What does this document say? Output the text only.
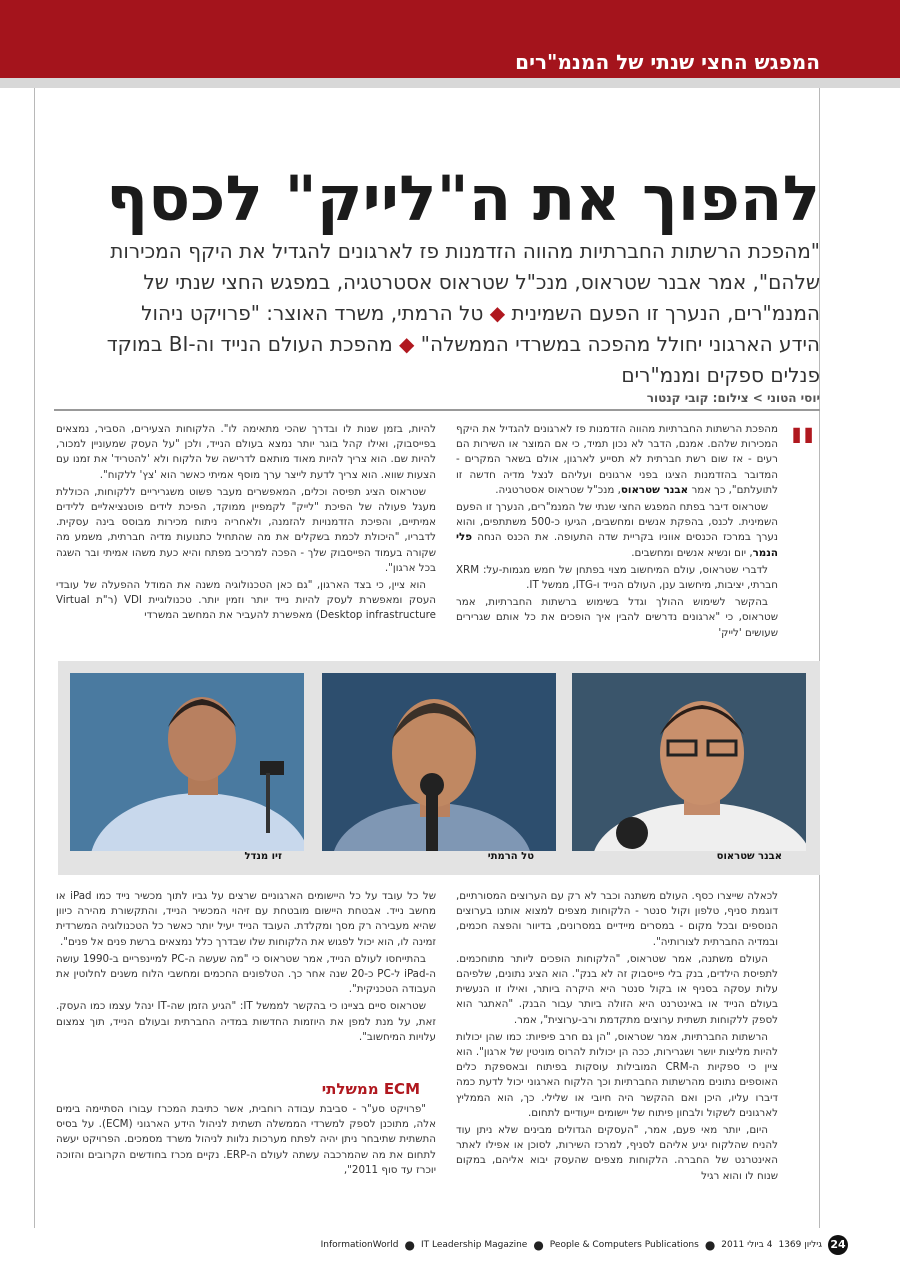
המפגש החצי שנתי של המנמ"רים
להפוך את ה"לייק" לכסף

"מהפכת הרשתות החברתיות מהווה הזדמנות פז לארגונים להגדיל את היקף המכירות שלהם", אמר אבנר שטראוס, מנכ"ל שטראוס אסטרטגיה, במפגש החצי שנתי של המנמ"רים, הנערך זו הפעם השמינית ◆ טל הרמתי, משרד האוצר: "פרויקט ניהול הידע הארגוני יחולל מהפכה במשרדי הממשלה" ◆ מהפכת העולם הנייד וה-BI במוקד פנלים ספקים ומנמ"רים

יוסי הטוני > צילום: קובי קנטור
"

מהפכת הרשתות החברתיות מהווה הזדמנות פז לארגונים להגדיל את היקף המכירות שלהם. אמנם, הדבר לא נכון תמיד, כי אם המוצר או השירות הם רעים - אז שום רשת חברתית לא תסייע לארגון, אולם בשאר המקרים - המדובר בהזדמנות הציגו בפני ארגונים ועליהם לנצל מדיה חדשה זו לתועלתם", כך אמר אבנר שטראוס, מנכ"ל שטראוס אסטרטגיה.

שטראוס דיבר בפתח המפגש החצי שנתי של המנמ"רים, הנערך זו הפעם השמינית. לכנס, בהפקת אנשים ומחשבים, הגיעו כ-500 משתתפים, והוא נערך במרכז הכנסים אווניו בקריית שדה התעופה. את הכנס הנחה פלי הנמר, יום ונשיא אנשים ומחשבים.

לדברי שטראוס, עולם המיחשוב מצוי בפתחן של חמש מגמות-על: XRM חברתי, יציבות, מיחשוב ענן, העולם הנייד ו-ITG, ממשל IT.

בהקשר לשימוש ההולך וגדל בשימוש ברשתות החברתיות, אמר שטראוס, כי "ארגונים נדרשים להבין איך הופכים את כל אותם שגרירים שעושים 'לייק'

להיות, בזמן שנות לו ובדרך שהכי מתאימה לו". הלקוחות הצעירים, הסביר, נמצאים בפייסבוק, ואילו קהל בוגר יותר נמצא בעולם הנייד, ולכן "על העסק שמעוניין למכור, להיות שם. הוא צריך להיות מאוד מותאם לדרישה של הלקוח ולא 'להטריד' את זמנו עם הצעות שווא. הוא צריך לדעת לייצר ערך מוסף אמיתי כאשר הוא 'צץ' ללקוח".

שטראוס הציג תפיסה וכלים, המאפשרים מעבר פשוט משגריריים ללקוחות, הכוללת מעגל פעולה של הפיכת "לייק" לקמפיין ממוקד, הפיכת לידים פוטנציאליים ללידים אמיתיים, והפיכת הזדמנויות להזמנה, ולאחריה ניתוח מכירות מבוסס בינה עסקית. לדבריו, "היכולת לכמת בשקלים את מה שהתחיל כתנועות מדיה חברתית, משמע מה שקורה בעמוד הפייסבוק שלך - הפכה למרכיב מפתח והיא כעת משהו אמיתי ובר השגה בכל ארגון".

הוא ציין, כי בצד הארגון, "גם כאן הטכנולוגיה משנה את המודל ההפעלה של עובדי העסק ומאפשרת לעסק להיות נייד יותר וזמין יותר. טכנולוגיית VDI (ר"ת Virtual Desktop infrastructure) מאפשרת להעביר את המחשב המשרדי

אבנר שטראוס
טל הרמתי
זיו מנדל

לכאלה שייצרו כסף. העולם משתנה וכבר לא רק עם הערוצים המסורתיים, דוגמת סניף, טלפון וקול סנטר - הלקוחות מצפים למצוא אותנו בערוצים הנוספים ובכל מקום - במסרים מיידיים במסרונים, בדיוור והפצה חכמים, ובמדיה החברתית לצורותיה".

העולם משתנה, אמר שטראוס, "הלקוחות הופכים ליותר מתוחכמים. לתפיסת הילדים, בנק בלי פייסבוק זה לא בנק". הוא הציג נתונים, שלפיהם עלות עסקה בסניף או בקול סנטר היא היקרה ביותר, ואילו זו הנעשית בעולם הנייד או באינטרנט היא הזולה ביותר עבור הבנק. "האתגר הוא לספק ללקוחות תשתית ערוצים מתקדמת ורב-ערוצית", אמר.

הרשתות החברתיות, אמר שטראוס, "הן גם חרב פיפיות: כמו שהן יכולות להיות מליצות יושר ושגרירות, ככה הן יכולות להרוס מוניטין של ארגון". הוא ציין כי ספקיות ה-CRM המובילות עוסקות בפיתוח ובאספקת כלים האוספים נתונים מהרשתות החברתיות וכך הלקוח הארגוני יכול לדעת כמה דיברו עליו, היכן ואם ההקשר היה חיובי או שלילי. כך, הוא הממליץ לארגונים לשקול ולבחון פיתוח של יישומים ייעודיים לתחום.

היום, יותר מאי פעם, אמר, "העסקים הגדולים מבינים שלא ניתן עוד להניח שהלקוח יגיע אליהם לסניף, למרכז השירות, לסוכן או אפילו לאתר האינטרנט של החברה. הלקוחות מצפים שהעסק יבוא אליהם, במקום שנוח לו והוא רגיל

של כל עובד על כל היישומים הארגוניים שרצים על גביו לתוך מכשיר נייד כמו iPad או מחשב נייד. אבטחת היישום מובטחת עם זיהוי המכשיר הנייד, והתקשורת מהירה כיוון שהיא מעבירה רק מסך ומקלדת. העובד הנייד יעיל יותר כאשר כל הטכנולוגיה המשרדית זמינה לו, הוא יכול לפגוש את הלקוחות שלו שבדרך כלל נמצאים ברשת פנים אל פנים".

בהתייחסו לעולם הנייד, אמר שטראוס כי "מה שעשה ה-PC למיינפריים ב-1990 עושה ה-iPad ל-PC כ-20 שנה אחר כך. הטלפונים החכמים ומחשבי הלוח משנים לחלוטין את העבודה הטכניקית".

שטראוס סיים בציינו כי בהקשר לממשל IT: "הגיע הזמן שה-IT ינהל עצמו כמו העסק. זאת, על מנת למפן את היוזמות החדשות במדיה החברתית ובעולם הנייד, תוך צמצום עלויות המיחשוב".

ECM ממשלתי

"פרויקט סע"ר - סביבת עבודה רוחבית, אשר כתיבת המכרז עבורו הסתיימה בימים אלה, מתוכנן לספק למשרדי הממשלה תשתית לניהול הידע הארגוני (ECM). על בסיס התשתית שתיבחר ניתן יהיה לפתח מערכות נלוות לניהול משרד מסמכים. הפרויקט יעשה לתחום את מה שהמרכבה עשתה לעולם ה-ERP. נקיים מכרז בחודשים הקרובים והזוכה יוכרז עד סוף 2011",

24
גיליון 1369
4 ביולי 2011
●
People & Computers Publications
●
IT Leadership Magazine
●
InformationWorld
